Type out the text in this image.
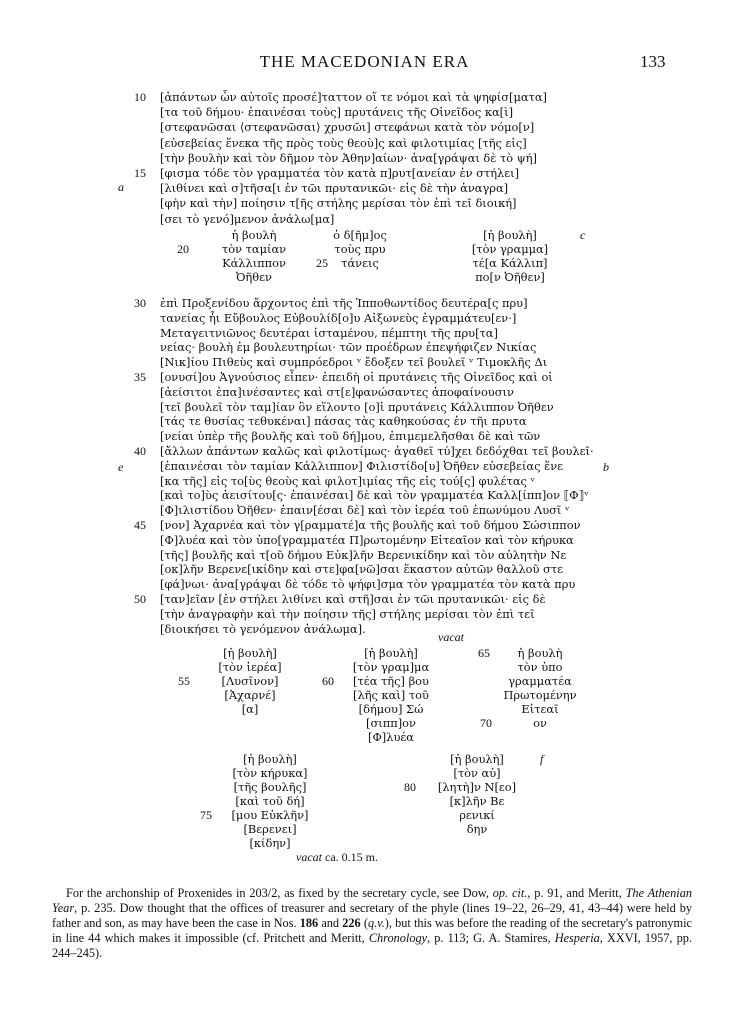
THE MACEDONIAN ERA	133
[ἁπάντων ὧν αὐτοῖς προσέ]ταττον οἵ τε νόμοι καὶ τὰ ψηφίσ[ματα]
10
[τα τοῦ δήμου· ἐπαινέσαι τοὺς] πρυτάνεις τῆς Οἰνεῖδος κα[ὶ]
[στεφανῶσαι ⟨στεφανῶσαι⟩ χρυσῶι] στεφάνωι κατὰ τὸν νόμο[ν]
[εὐσεβείας ἕνεκα τῆς πρὸς τοὺς θεοὺ]ς καὶ φιλοτιμίας [τῆς εἰς]
[τὴν βουλὴν καὶ τὸν δῆμον τὸν Ἀθην]αίων· ἀνα[γράψαι δὲ τὸ ψή]
[φισμα τόδε τὸν γραμματέα τὸν κατὰ π]ρυτ[ανείαν ἐν στήλει]
15
[λιθίνει καὶ σ]τῆσα[ι ἐν τῶι πρυτανικῶι· εἰς δὲ τὴν ἀναγρα]
[φὴν καὶ τὴν] ποίησιν τ[ῆς στήλης μερίσαι τὸν ἐπὶ τεῖ διοική]
[σει τὸ γενό]μενον ἀνάλω[μα]
ἐπὶ Προξενίδου ἄρχοντος ἐπὶ τῆς Ἱπποθωντίδος δευτέρα[ς πρυ]
30
τανείας ἧι Εὔβουλος Εὐβουλίδ[ο]υ Αἰξωνεὺς ἐγραμμάτευ[εν·]
Μεταγειτνιῶνος δευτέραι ἱσταμένου, πέμπτηι τῆς πρυ[τα]
νείας· βουλὴ ἐμ βουλευτηρίωι· τῶν προέδρων ἐπεψήφιζεν Νικίας
[Νικ]ίου Πιθεὺς καὶ συμπρόεδροι ᵛ ἔδοξεν τεῖ βουλεῖ ᵛ Τιμοκλῆς Δι
[ονυσί]ου Ἀγνούσιος εἶπεν· ἐπειδὴ οἱ πρυτάνεις τῆς Οἰνεῖδος καὶ οἱ
35
[ἀείσιτοι ἐπα]ινέσαντες καὶ στ[ε]φανώσαντες ἀποφαίνουσιν
[τεῖ βουλεῖ τὸν ταμ]ίαν ὃν εἵλοντο [ο]ἱ πρυτάνεις Κάλλιππον Ὀῆθεν
[τάς τε θυσίας τεθυκέναι] πάσας τὰς καθηκούσας ἐν τῆι πρυτα
[νείαι ὑπὲρ τῆς βουλῆς καὶ τοῦ δή]μου, ἐπιμεμελῆσθαι δὲ καὶ τῶν
[ἄλλων ἁπάντων καλῶς καὶ φιλοτίμως· ἀγαθεῖ τύ]χει δεδόχθαι τεῖ βουλεῖ·
40
[ἐπαινέσαι τὸν ταμίαν Κάλλιππον] Φιλιστίδο[υ] Ὀῆθεν εὐσεβείας ἕνε
[κα τῆς] εἰς το[ὺς θεοὺς καὶ φιλοτ]ιμίας τῆς εἰς τού[ς] φυλέτας ᵛ
[καὶ το]ὺς ἀεισίτου[ς· ἐπαινέσαι] δὲ καὶ τὸν γραμματέα Καλλ[ίππ]ον ⟦Φ⟧ᵛ
[Φ]ιλιστίδου Ὀῆθεν· ἐπαιν[έσαι δὲ] καὶ τὸν ἱερέα τοῦ ἐπωνύμου Λυσῖ ᵛ
[νον] Ἀχαρνέα καὶ τὸν γ[ραμματέ]α τῆς βουλῆς καὶ τοῦ δήμου Σώσιππον
45
[Φ]λυέα καὶ τὸν ὑπο[γραμματέα Π]ρωτομένην Εἰτεαῖον καὶ τὸν κήρυκα
[τῆς] βουλῆς καὶ τ[οῦ δήμου Εὐκ]λῆν Βερενικίδην καὶ τὸν αὐλητὴν Νε
[οκ]λῆν Βερενε[ικίδην καὶ στε]φα[νῶ]σαι ἕκαστον αὐτῶν θαλλοῦ στε
[φά]νωι· ἀνα[γράψαι δὲ τόδε τὸ ψήφι]σμα τὸν γραμματέα τὸν κατὰ πρυ
[ταν]εῖαν [ἐν στήλει λιθίνει καὶ στῆ]σαι ἐν τῶι πρυτανικῶι· εἰς δὲ
50
[τὴν ἀναγραφὴν καὶ τὴν ποίησιν τῆς] στήλης μερίσαι τὸν ἐπὶ τεῖ
[διοικήσει τὸ γενόμενον ἀνάλωμα].
a
c
e	b
f
ἡ βουλὴ
τὸν ταμίαν
Κάλλιππον
Ὀῆθεν
20
ὁ δ[ῆμ]ος
τοὺς πρυ
τάνεις
25
[ἡ βουλὴ]
[τὸν γραμμα]
τέ[α Κάλλιπ]
πο[ν Ὀῆθεν]
vacat
[ἡ βουλὴ]
[τὸν ἱερέα]
[Λυσῖνον]
[Ἀχαρνέ]
[α]
55
[ἡ βουλὴ]
[τὸν γραμ]μα
[τέα τῆς] βου
[λῆς καὶ] τοῦ
[δήμου] Σώ
[σιππ]ον
[Φ]λυέα
60
ἡ βουλὴ
τὸν ὑπο
γραμματέα
Πρωτομένην
Εἰτεαῖ
ον
65
70
[ἡ βουλὴ]
[τὸν κήρυκα]
[τῆς βουλῆς]
[καὶ τοῦ δή]
[μου Εὐκλῆν]
[Βερενει]
[κίδην]
75
[ἡ βουλὴ]
[τὸν αὐ]
[λητὴ]ν Ν[εο]
[κ]λῆν Βε
ρενικί
δην
80
vacat ca. 0.15 m.
For the archonship of Proxenides in 203/2, as fixed by the secretary cycle, see Dow, op. cit., p. 91, and Meritt, The Athenian Year, p. 235. Dow thought that the offices of treasurer and secretary of the phyle (lines 19–22, 26–29, 41, 43–44) were held by father and son, as may have been the case in Nos. 186 and 226 (q.v.), but this was before the reading of the secretary's patronymic in line 44 which makes it impossible (cf. Pritchett and Meritt, Chronology, p. 113; G. A. Stamires, Hesperia, XXVI, 1957, pp. 244–245).
